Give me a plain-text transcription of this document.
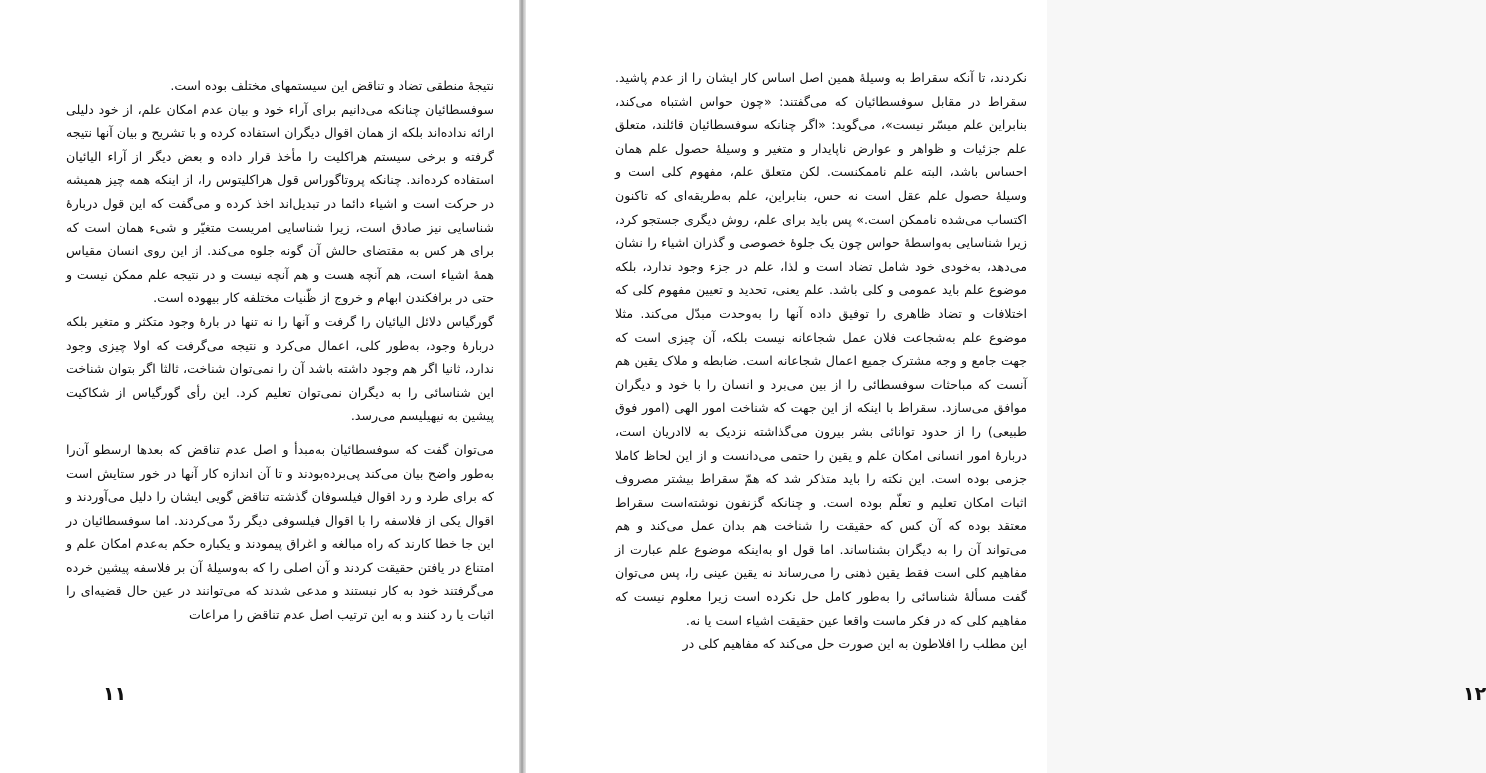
نتیجهٔ منطقی تضاد و تناقض این سیستمهای مختلف بوده است.

سوفسطائیان چنانکه می‌دانیم برای آراء خود و بیان عدم امکان علم، از خود دلیلی ارائه نداده‌اند بلکه از همان اقوال دیگران استفاده کرده و با تشریح و بیان آنها نتیجه گرفته و برخی سیستم هراکلیت را مأخذ قرار داده و بعض دیگر از آراء الیائیان استفاده کرده‌اند. چنانکه پروتاگوراس قول هراکلیتوس را، از اینکه همه چیز همیشه در حرکت است و اشیاء دائما در تبدیل‌اند اخذ کرده و می‌گفت که این قول دربارهٔ شناسایی نیز صادق است، زیرا شناسایی امریست متغیّر و شیء همان است که برای هر کس به مقتضای حالش آن گونه جلوه می‌کند. از این روی انسان مقیاس همهٔ اشیاء است، هم آنچه هست و هم آنچه نیست و در نتیجه علم ممکن نیست و حتی در برافکندن ابهام و خروج از ظّنیات مختلفه کار بیهوده است.

گورگیاس دلائل الیائیان را گرفت و آنها را نه تنها در بارهٔ وجود متکثر و متغیر بلکه دربارهٔ وجود، به‌طور کلی، اعمال می‌کرد و نتیجه می‌گرفت که اولا چیزی وجود ندارد، ثانیا اگر هم وجود داشته باشد آن را نمی‌توان شناخت، ثالثا اگر بتوان شناخت این شناسائی را به دیگران نمی‌توان تعلیم کرد. این رأی گورگیاس از شکاکیت پیشین به نیهیلیسم می‌رسد.

می‌توان گفت که سوفسطائیان به‌مبدأ و اصل عدم تناقض که بعدها ارسطو آن‌را به‌طور واضح بیان می‌کند پی‌برده‌بودند و تا آن اندازه کار آنها در خور ستایش است که برای طرد و رد اقوال فیلسوفان گذشته تناقض گویی ایشان را دلیل می‌آوردند و اقوال یکی از فلاسفه را با اقوال فیلسوفی دیگر ردّ می‌کردند. اما سوفسطائیان در این جا خطا کارند که راه مبالغه و اغراق پیمودند و یکباره حکم به‌عدم امکان علم و امتناع در یافتن حقیقت کردند و آن اصلی را که به‌وسیلهٔ آن بر فلاسفه پیشین خرده می‌گرفتند خود به کار نبستند و مدعی شدند که می‌توانند در عین حال قضیه‌ای را اثبات یا رد کنند و به این ترتیب اصل عدم تناقض را مراعات

۱۱

نکردند، تا آنکه سقراط به وسیلهٔ همین اصل اساس کار ایشان را از عدم پاشید. سقراط در مقابل سوفسطائیان که می‌گفتند: «چون حواس اشتباه می‌کند، بنابراین علم میسّر نیست»، می‌گوید: «اگر چنانکه سوفسطائیان قائلند، متعلق علم جزئیات و ظواهر و عوارض ناپایدار و متغیر و وسیلهٔ حصول علم همان احساس باشد، البته علم ناممکنست. لکن متعلق علم، مفهوم کلی است و وسیلهٔ حصول علم عقل است نه حس، بنابراین، علم به‌طریقه‌ای که تاکنون اکتساب می‌شده ناممکن است.» پس باید برای علم، روش دیگری جستجو کرد، زیرا شناسایی به‌واسطهٔ حواس چون یک جلوهٔ خصوصی و گذران اشیاء را نشان می‌دهد، به‌خودی خود شامل تضاد است و لذا، علم در جزء وجود ندارد، بلکه موضوع علم باید عمومی و کلی باشد. علم یعنی، تحدید و تعیین مفهوم کلی که اختلافات و تضاد ظاهری را توفیق داده آنها را به‌وحدت مبدّل می‌کند. مثلا موضوع علم به‌شجاعت فلان عمل شجاعانه نیست بلکه، آن چیزی است که جهت جامع و وجه مشترک جمیع اعمال شجاعانه است. ضابطه و ملاک یقین هم آنست که مباحثات سوفسطائی را از بین می‌برد و انسان را با خود و دیگران موافق می‌سازد. سقراط با اینکه از این جهت که شناخت امور الهی (امور فوق طبیعی) را از حدود توانائی بشر بیرون می‌گذاشته نزدیک به لاادریان است، دربارهٔ امور انسانی امکان علم و یقین را حتمی می‌دانست و از این لحاظ کاملا جزمی بوده است. این نکته را باید متذکر شد که همّ سقراط بیشتر مصروف اثبات امکان تعلیم و تعلّم بوده است. و چنانکه گزنفون نوشته‌است سقراط معتقد بوده که آن کس که حقیقت را شناخت هم بدان عمل می‌کند و هم می‌تواند آن را به دیگران بشناساند. اما قول او به‌اینکه موضوع علم عبارت از مفاهیم کلی است فقط یقین ذهنی را می‌رساند نه یقین عینی را، پس می‌توان گفت مسألهٔ شناسائی را به‌طور کامل حل نکرده است زیرا معلوم نیست که مفاهیم کلی که در فکر ماست واقعا عین حقیقت اشیاء است یا نه.

این مطلب را افلاطون به این صورت حل می‌کند که مفاهیم کلی در

۱۲
